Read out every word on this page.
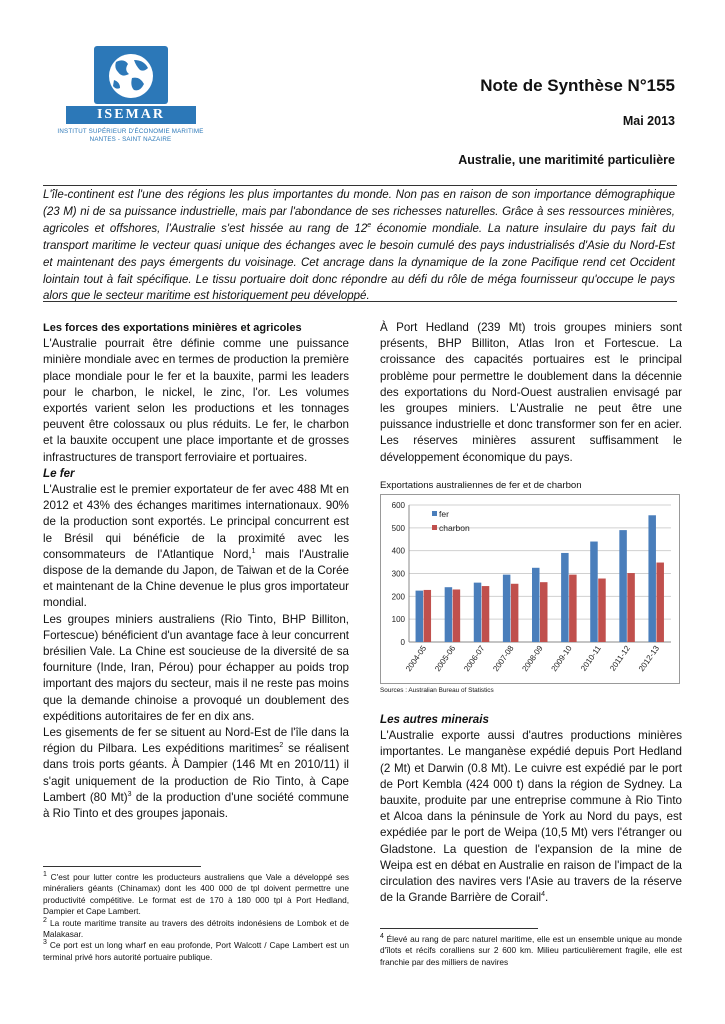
ISEMAR
INSTITUT SUPÉRIEUR D'ÉCONOMIE MARITIME
NANTES - SAINT NAZAIRE
Note de Synthèse N°155
Mai 2013
Australie, une maritimité particulière
L'île-continent est l'une des régions les plus importantes du monde. Non pas en raison de son importance démographique (23 M) ni de sa puissance industrielle, mais par l'abondance de ses richesses naturelles. Grâce à ses ressources minières, agricoles et offshores, l'Australie s'est hissée au rang de 12e économie mondiale. La nature insulaire du pays fait du transport maritime le vecteur quasi unique des échanges avec le besoin cumulé des pays industrialisés d'Asie du Nord-Est et maintenant des pays émergents du voisinage. Cet ancrage dans la dynamique de la zone Pacifique rend cet Occident lointain tout à fait spécifique. Le tissu portuaire doit donc répondre au défi du rôle de méga fournisseur qu'occupe le pays alors que le secteur maritime est historiquement peu développé.

Les forces des exportations minières et agricoles

L'Australie pourrait être définie comme une puissance minière mondiale avec en termes de production la première place mondiale pour le fer et la bauxite, parmi les leaders pour le charbon, le nickel, le zinc, l'or. Les volumes exportés varient selon les productions et les tonnages peuvent être colossaux ou plus réduits. Le fer, le charbon et la bauxite occupent une place importante et de grosses infrastructures de transport ferroviaire et portuaires.

Le fer

L'Australie est le premier exportateur de fer avec 488 Mt en 2012 et 43% des échanges maritimes internationaux. 90% de la production sont exportés. Le principal concurrent est le Brésil qui bénéficie de la proximité avec les consommateurs de l'Atlantique Nord,$^1$ mais l'Australie dispose de la demande du Japon, de Taiwan et de la Corée et maintenant de la Chine devenue le plus gros importateur mondial.

Les groupes miniers australiens (Rio Tinto, BHP Billiton, Fortescue) bénéficient d'un avantage face à leur concurrent brésilien Vale. La Chine est soucieuse de la diversité de sa fourniture (Inde, Iran, Pérou) pour échapper au poids trop important des majors du secteur, mais il ne reste pas moins que la demande chinoise a provoqué un doublement des expéditions autoritaires de fer en dix ans.

Les gisements de fer se situent au Nord-Est de l'île dans la région du Pilbara. Les expéditions maritimes$^2$ se réalisent dans trois ports géants. À Dampier (146 Mt en 2010/11) il s'agit uniquement de la production de Rio Tinto, à Cape Lambert (80 Mt)$^3$ de la production d'une société commune à Rio Tinto et des groupes japonais.

$^1$ C'est pour lutter contre les producteurs australiens que Vale a développé ses minéraliers géants (Chinamax) dont les 400 000 de tpl doivent permettre une productivité compétitive. Le format est de 170 à 180 000 tpl à Port Hedland, Dampier et Cape Lambert.
$^2$ La route maritime transite au travers des détroits indonésiens de Lombok et de Malakasar.
$^3$ Ce port est un long wharf en eau profonde, Port Walcott / Cape Lambert est un terminal privé hors autorité portuaire publique.

À Port Hedland (239 Mt) trois groupes miniers sont présents, BHP Billiton, Atlas Iron et Fortescue. La croissance des capacités portuaires est le principal problème pour permettre le doublement dans la décennie des exportations du Nord-Ouest australien envisagé par les groupes miniers. L'Australie ne peut être une puissance industrielle et donc transformer son fer en acier. Les réserves minières assurent suffisamment le développement économique du pays.

Exportations australiennes de fer et de charbon
0
100
200
300
400
500
600
2004-05 2005-06 2006-07 2007-08 2008-09 2009-10 2010-11 2011-12 2012-13
fer
charbon
Sources : Australian Bureau of Statistics

Les autres minerais

L'Australie exporte aussi d'autres productions minières importantes. Le manganèse expédié depuis Port Hedland (2 Mt) et Darwin (0.8 Mt). Le cuivre est expédié par le port de Port Kembla (424 000 t) dans la région de Sydney. La bauxite, produite par une entreprise commune à Rio Tinto et Alcoa dans la péninsule de York au Nord du pays, est expédiée par le port de Weipa (10,5 Mt) vers l'étranger ou Gladstone. La question de l'expansion de la mine de Weipa est en débat en Australie en raison de l'impact de la circulation des navires vers l'Asie au travers de la réserve de la Grande Barrière de Corail$^4$.

$^4$ Élevé au rang de parc naturel maritime, elle est un ensemble unique au monde d'îlots et récifs coralliens sur 2 600 km. Milieu particulièrement fragile, elle est franchie par des milliers de navires
